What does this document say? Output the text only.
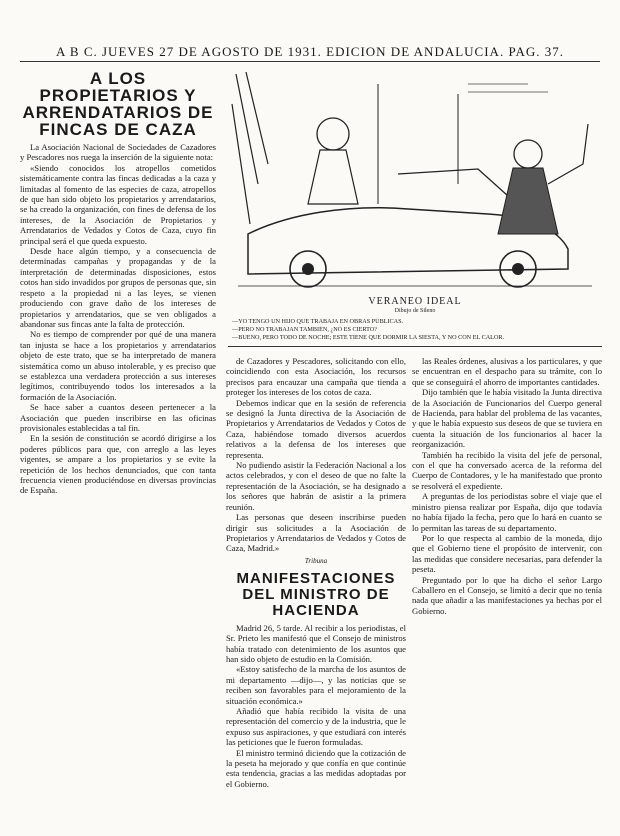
A B C. JUEVES 27 DE AGOSTO DE 1931. EDICION DE ANDALUCIA. PAG. 37.
A LOS PROPIETARIOS Y ARRENDATARIOS DE FINCAS DE CAZA

La Asociación Nacional de Sociedades de Cazadores y Pescadores nos ruega la inserción de la siguiente nota:

«Siendo conocidos los atropellos cometidos sistemáticamente contra las fincas dedicadas a la caza y limitadas al fomento de las especies de caza, atropellos de que han sido objeto los propietarios y arrendatarios, se ha creado la organización, con fines de defensa de los intereses, de la Asociación de Propietarios y Arrendatarios de Vedados y Cotos de Caza, cuyo fin principal será el que queda expuesto.

Desde hace algún tiempo, y a consecuencia de determinadas campañas y propagandas y de la interpretación de determinadas disposiciones, estos cotos han sido invadidos por grupos de personas que, sin respeto a la propiedad ni a las leyes, se vienen produciendo con grave daño de los intereses de propietarios y arrendatarios, que se ven obligados a abandonar sus fincas ante la falta de protección.

No es tiempo de comprender por qué de una manera tan injusta se hace a los propietarios y arrendatarios objeto de este trato, que se ha interpretado de manera sistemática como un abuso intolerable, y es preciso que se establezca una verdadera protección a sus intereses legítimos, contribuyendo todos los interesados a la formación de la Asociación.

Se hace saber a cuantos deseen pertenecer a la Asociación que pueden inscribirse en las oficinas provisionales establecidas a tal fin.

En la sesión de constitución se acordó dirigirse a los poderes públicos para que, con arreglo a las leyes vigentes, se ampare a los propietarios y se evite la repetición de los hechos denunciados, que con tanta frecuencia vienen produciéndose en diversas provincias de España.

VERANEO IDEAL
Dibujo de Sileno
—YO TENGO UN HIJO QUE TRABAJA EN OBRAS PÚBLICAS.
—PERO NO TRABAJAN TAMBIÉN, ¿NO ES CIERTO?
—BUENO, PERO TODO DE NOCHE; ESTE TIENE QUE DORMIR LA SIESTA, Y NO CON EL CALOR.

de Cazadores y Pescadores, solicitando con ello, coincidiendo con esta Asociación, los recursos precisos para encauzar una campaña que tienda a proteger los intereses de los cotos de caza.

Debemos indicar que en la sesión de referencia se designó la Junta directiva de la Asociación de Propietarios y Arrendatarios de Vedados y Cotos de Caza, habiéndose tomado diversos acuerdos relativos a la defensa de los intereses que representa.

No pudiendo asistir la Federación Nacional a los actos celebrados, y con el deseo de que no falte la representación de la Asociación, se ha designado a los señores que habrán de asistir a la primera reunión.

Las personas que deseen inscribirse pueden dirigir sus solicitudes a la Asociación de Propietarios y Arrendatarios de Vedados y Cotos de Caza, Madrid.»

Tribuna
MANIFESTACIONES DEL MINISTRO DE HACIENDA

Madrid 26, 5 tarde. Al recibir a los periodistas, el Sr. Prieto les manifestó que el Consejo de ministros había tratado con detenimiento de los asuntos que han sido objeto de estudio en la Comisión.

«Estoy satisfecho de la marcha de los asuntos de mi departamento —dijo—, y las noticias que se reciben son favorables para el mejoramiento de la situación económica.»

Añadió que había recibido la visita de una representación del comercio y de la industria, que le expuso sus aspiraciones, y que estudiará con interés las peticiones que le fueron formuladas.

El ministro terminó diciendo que la cotización de la peseta ha mejorado y que confía en que continúe esta tendencia, gracias a las medidas adoptadas por el Gobierno.

las Reales órdenes, alusivas a los particulares, y que se encuentran en el despacho para su trámite, con lo que se conseguirá el ahorro de importantes cantidades.

Dijo también que le había visitado la Junta directiva de la Asociación de Funcionarios del Cuerpo general de Hacienda, para hablar del problema de las vacantes, y que le había expuesto sus deseos de que se tuviera en cuenta la situación de los funcionarios al hacer la reorganización.

También ha recibido la visita del jefe de personal, con el que ha conversado acerca de la reforma del Cuerpo de Contadores, y le ha manifestado que pronto se resolverá el expediente.

A preguntas de los periodistas sobre el viaje que el ministro piensa realizar por España, dijo que todavía no había fijado la fecha, pero que lo hará en cuanto se lo permitan las tareas de su departamento.

Por lo que respecta al cambio de la moneda, dijo que el Gobierno tiene el propósito de intervenir, con las medidas que considere necesarias, para defender la peseta.

Preguntado por lo que ha dicho el señor Largo Caballero en el Consejo, se limitó a decir que no tenía nada que añadir a las manifestaciones ya hechas por el Gobierno.
